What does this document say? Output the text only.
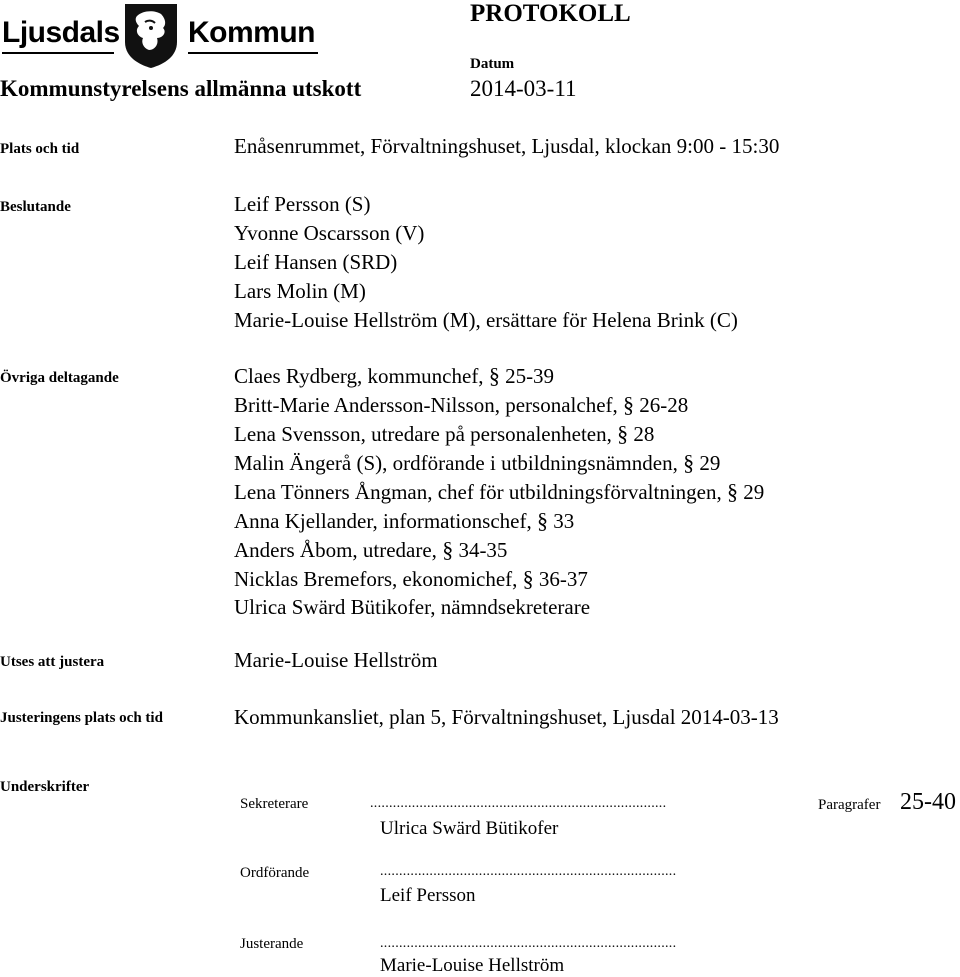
Ljusdals Kommun
PROTOKOLL
Datum
2014-03-11
Kommunstyrelsens allmänna utskott
Plats och tid	Enåsenrummet, Förvaltningshuset, Ljusdal, klockan 9:00 - 15:30
Beslutande	Leif Persson (S)
Yvonne Oscarsson (V)
Leif Hansen (SRD)
Lars Molin (M)
Marie-Louise Hellström (M), ersättare för Helena Brink (C)
Övriga deltagande	Claes Rydberg, kommunchef, § 25-39
Britt-Marie Andersson-Nilsson, personalchef, § 26-28
Lena Svensson, utredare på personalenheten, § 28
Malin Ängerå (S), ordförande i utbildningsnämnden, § 29
Lena Tönners Ångman, chef för utbildningsförvaltningen, § 29
Anna Kjellander, informationschef, § 33
Anders Åbom, utredare, § 34-35
Nicklas Bremefors, ekonomichef, § 36-37
Ulrica Swärd Bütikofer, nämndsekreterare
Utses att justera	Marie-Louise Hellström
Justeringens plats och tid	Kommunkansliet, plan 5, Förvaltningshuset, Ljusdal 2014-03-13
Underskrifter
Sekreterare	..............................................................................
Ulrica Swärd Bütikofer
Paragrafer 25-40
Ordförande	..............................................................................
Leif Persson
Justerande	..............................................................................
Marie-Louise Hellström
